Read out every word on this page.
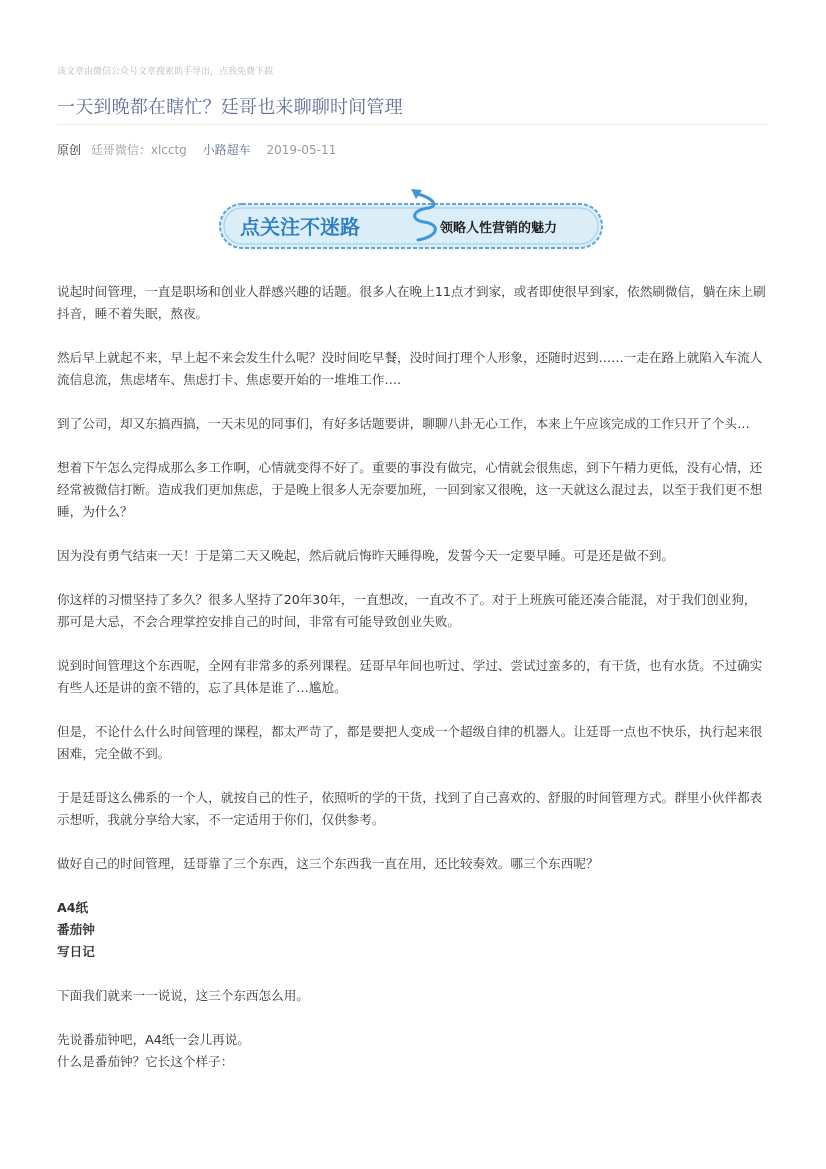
该文章由微信公众号文章搜索助手导出，点我免费下载
一天到晚都在瞎忙？廷哥也来聊聊时间管理
原创 廷哥微信：xlcctg 小路超车 2019-05-11
点关注不迷路	领略人性营销的魅力

说起时间管理，一直是职场和创业人群感兴趣的话题。很多人在晚上11点才到家，或者即使很早到家，依然刷微信，躺在床上刷抖音，睡不着失眠，熬夜。

然后早上就起不来，早上起不来会发生什么呢？没时间吃早餐，没时间打理个人形象，还随时迟到……一走在路上就陷入车流人流信息流，焦虑堵车、焦虑打卡、焦虑要开始的一堆堆工作….

到了公司，却又东搞西搞，一天未见的同事们，有好多话题要讲，聊聊八卦无心工作，本来上午应该完成的工作只开了个头…

想着下午怎么完得成那么多工作啊，心情就变得不好了。重要的事没有做完，心情就会很焦虑，到下午精力更低，没有心情，还经常被微信打断。造成我们更加焦虑，于是晚上很多人无奈要加班，一回到家又很晚，这一天就这么混过去，以至于我们更不想睡，为什么？

因为没有勇气结束一天！于是第二天又晚起，然后就后悔昨天睡得晚，发誓今天一定要早睡。可是还是做不到。

你这样的习惯坚持了多久？很多人坚持了20年30年，一直想改，一直改不了。对于上班族可能还凑合能混，对于我们创业狗，那可是大忌，不会合理掌控安排自己的时间，非常有可能导致创业失败。

说到时间管理这个东西呢，全网有非常多的系列课程。廷哥早年间也听过、学过、尝试过蛮多的，有干货，也有水货。不过确实有些人还是讲的蛮不错的，忘了具体是谁了…尴尬。

但是，不论什么什么时间管理的课程，都太严苛了，都是要把人变成一个超级自律的机器人。让廷哥一点也不快乐，执行起来很困难，完全做不到。

于是廷哥这么佛系的一个人，就按自己的性子，依照听的学的干货，找到了自己喜欢的、舒服的时间管理方式。群里小伙伴都表示想听，我就分享给大家，不一定适用于你们，仅供参考。

做好自己的时间管理，廷哥靠了三个东西，这三个东西我一直在用，还比较奏效。哪三个东西呢？

A4纸

番茄钟

写日记

下面我们就来一一说说，这三个东西怎么用。

先说番茄钟吧，A4纸一会儿再说。

什么是番茄钟？它长这个样子：
